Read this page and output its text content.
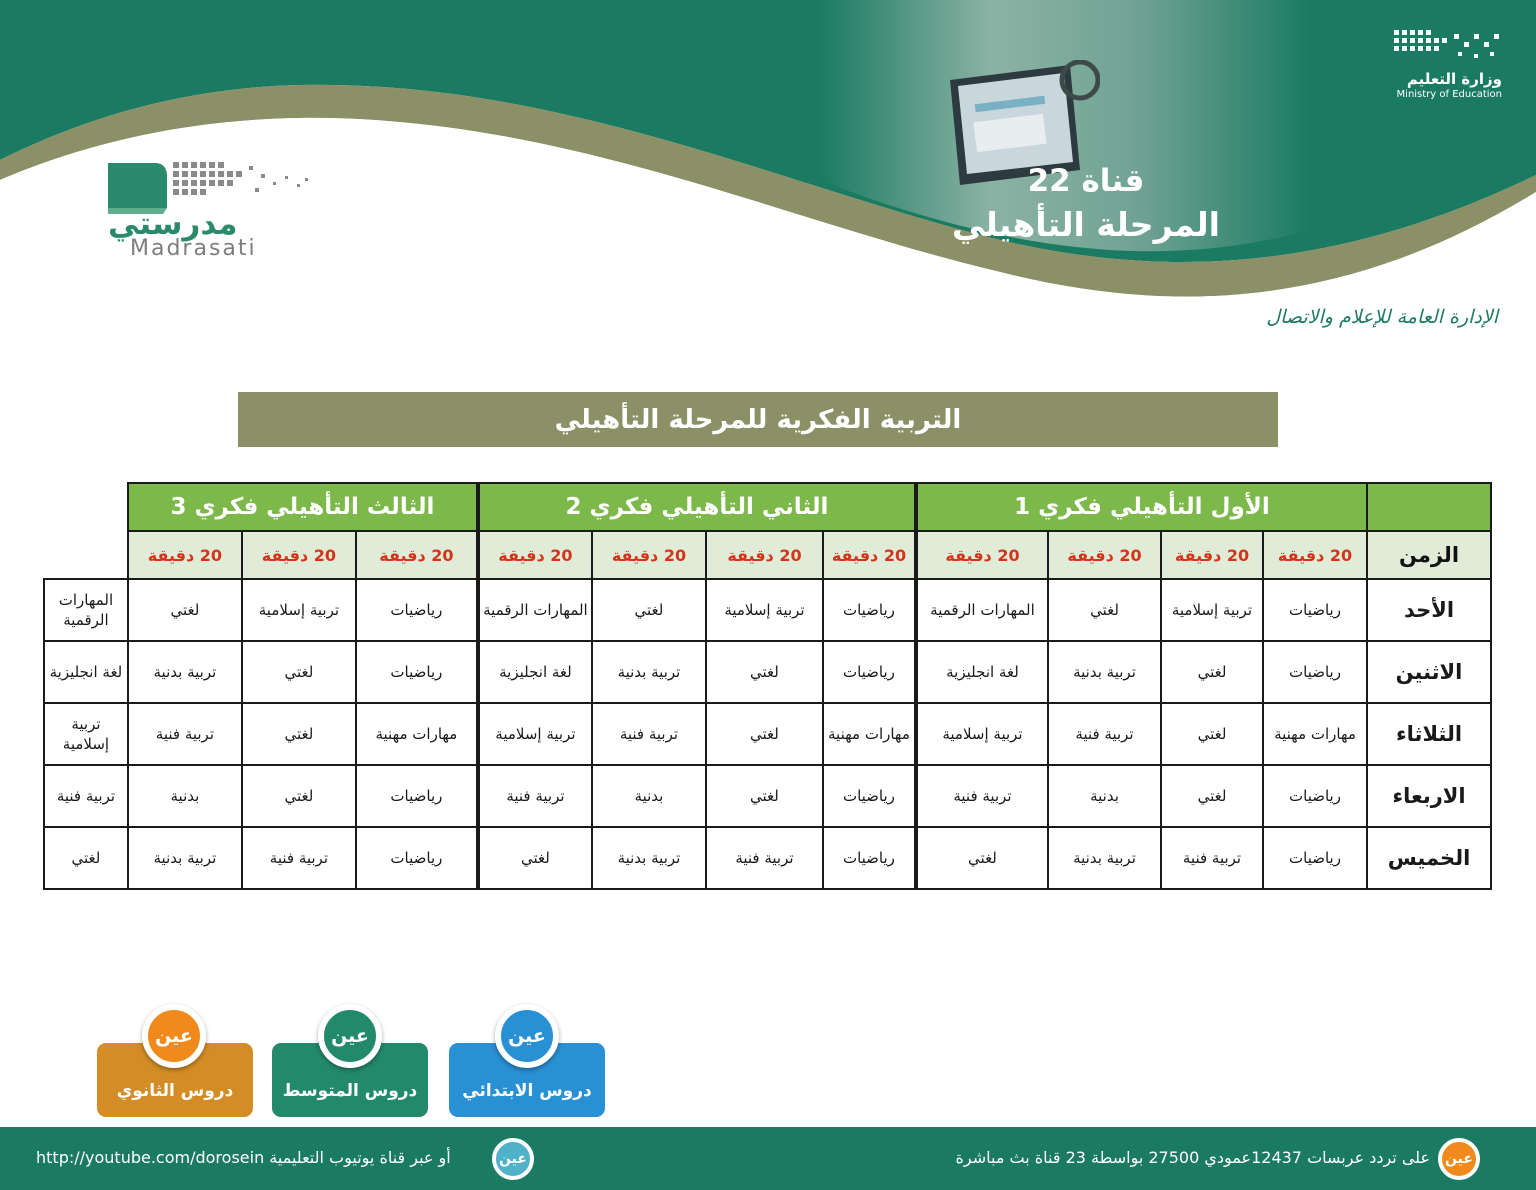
وزارة التعليم
Ministry of Education
قناة 22
المرحلة التأهيلي
مدرستي
Madrasati
الإدارة العامة للإعلام والاتصال
التربية الفكرية للمرحلة التأهيلي
	الأول التأهيلي فكري 1				الثاني التأهيلي فكري 2				الثالث التأهيلي فكري 3			
الزمن	20 دقيقة	20 دقيقة	20 دقيقة	20 دقيقة	20 دقيقة	20 دقيقة	20 دقيقة	20 دقيقة	20 دقيقة	20 دقيقة	20 دقيقة	
الأحد	رياضيات	تربية إسلامية	لغتي	المهارات الرقمية	رياضيات	تربية إسلامية	لغتي	المهارات الرقمية	رياضيات	تربية إسلامية	لغتي	المهارات الرقمية
الاثنين	رياضيات	لغتي	تربية بدنية	لغة انجليزية	رياضيات	لغتي	تربية بدنية	لغة انجليزية	رياضيات	لغتي	تربية بدنية	لغة انجليزية
الثلاثاء	مهارات مهنية	لغتي	تربية فنية	تربية إسلامية	مهارات مهنية	لغتي	تربية فنية	تربية إسلامية	مهارات مهنية	لغتي	تربية فنية	تربية إسلامية
الاربعاء	رياضيات	لغتي	بدنية	تربية فنية	رياضيات	لغتي	بدنية	تربية فنية	رياضيات	لغتي	بدنية	تربية فنية
الخميس	رياضيات	تربية فنية	تربية بدنية	لغتي	رياضيات	تربية فنية	تربية بدنية	لغتي	رياضيات	تربية فنية	تربية بدنية	لغتي
دروس الابتدائي
عين
دروس المتوسط
عين
دروس الثانوي
عين
عين
على تردد عربسات 12437عمودي 27500 بواسطة 23 قناة بث مباشرة
عين
http://youtube.com/dorosein أو عبر قناة يوتيوب التعليمية
